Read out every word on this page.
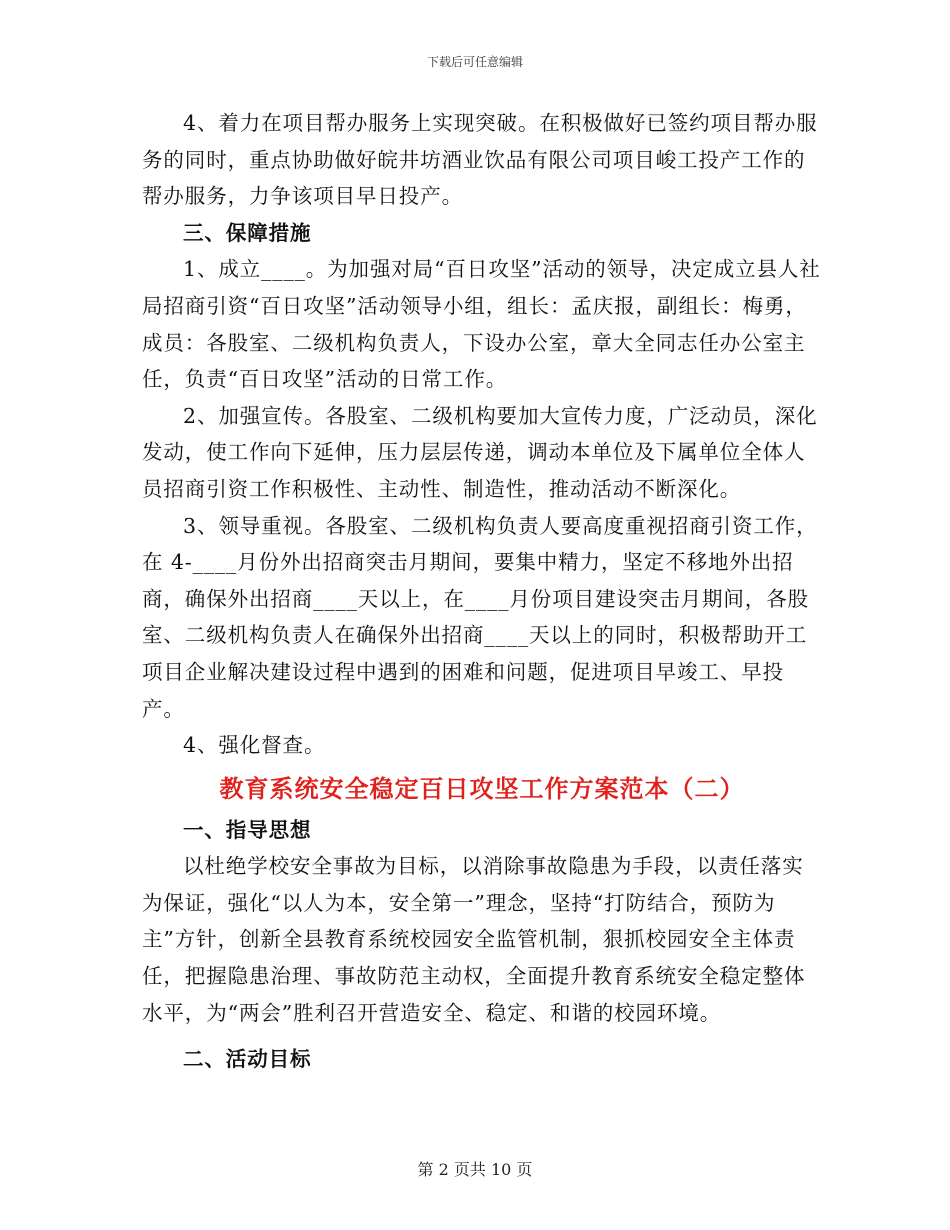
下载后可任意编辑

4、着力在项目帮办服务上实现突破。在积极做好已签约项目帮办服务的同时，重点协助做好皖井坊酒业饮品有限公司项目峻工投产工作的帮办服务，力争该项目早日投产。

三、保障措施

1、成立____。为加强对局“百日攻坚”活动的领导，决定成立县人社局招商引资“百日攻坚”活动领导小组，组长：孟庆报，副组长：梅勇，成员：各股室、二级机构负责人，下设办公室，章大全同志任办公室主任，负责“百日攻坚”活动的日常工作。

2、加强宣传。各股室、二级机构要加大宣传力度，广泛动员，深化发动，使工作向下延伸，压力层层传递，调动本单位及下属单位全体人员招商引资工作积极性、主动性、制造性，推动活动不断深化。

3、领导重视。各股室、二级机构负责人要高度重视招商引资工作，在 4-____月份外出招商突击月期间，要集中精力，坚定不移地外出招商，确保外出招商____天以上，在____月份项目建设突击月期间，各股室、二级机构负责人在确保外出招商____天以上的同时，积极帮助开工项目企业解决建设过程中遇到的困难和问题，促进项目早竣工、早投产。

4、强化督查。

教育系统安全稳定百日攻坚工作方案范本（二）

一、指导思想

以杜绝学校安全事故为目标，以消除事故隐患为手段，以责任落实为保证，强化“以人为本，安全第一”理念，坚持“打防结合，预防为主”方针，创新全县教育系统校园安全监管机制，狠抓校园安全主体责任，把握隐患治理、事故防范主动权，全面提升教育系统安全稳定整体水平，为“两会”胜利召开营造安全、稳定、和谐的校园环境。

二、活动目标

第 2 页共 10 页
